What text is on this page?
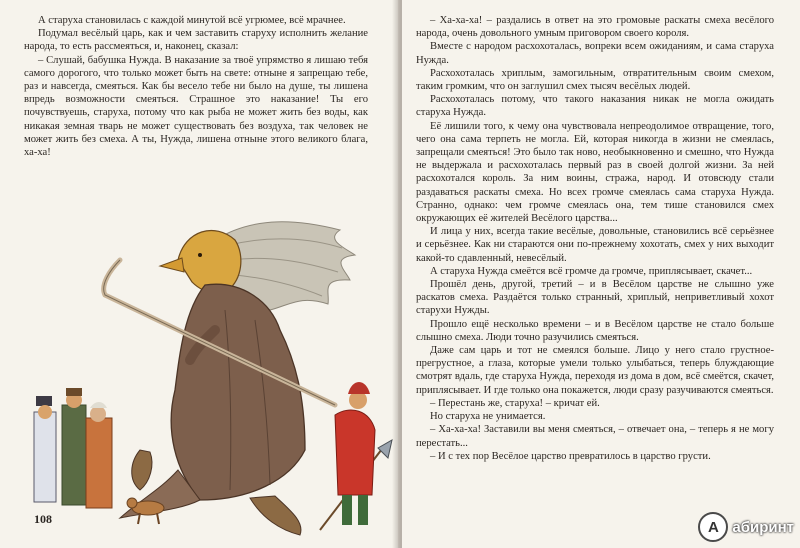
А старуха становилась с каждой минутой всё угрюмее, всё мрачнее.

Подумал весёлый царь, как и чем заставить старуху исполнить желание народа, то есть рассмеяться, и, наконец, сказал:

– Слушай, бабушка Нужда. В наказание за твоё упрямство я лишаю тебя самого дорогого, что только может быть на свете: отныне я запрещаю тебе, раз и навсегда, смеяться. Как бы весело тебе ни было на душе, ты лишена впредь возможности смеяться. Страшное это наказание! Ты его почувствуешь, старуха, потому что как рыба не может жить без воды, как никакая земная тварь не может существовать без воздуха, так человек не может жить без смеха. А ты, Нужда, лишена отныне этого великого блага, ха-ха!

108

– Ха-ха-ха! – раздались в ответ на это громовые раскаты смеха весёлого народа, очень довольного умным приговором своего короля.

Вместе с народом расхохоталась, вопреки всем ожиданиям, и сама старуха Нужда.

Расхохоталась хриплым, замогильным, отвратительным своим смехом, таким громким, что он заглушил смех тысяч весёлых людей.

Расхохоталась потому, что такого наказания никак не могла ожидать старуха Нужда.

Её лишили того, к чему она чувствовала непреодолимое отвращение, того, чего она сама терпеть не могла. Ей, которая никогда в жизни не смеялась, запрещали смеяться! Это было так ново, необыкновенно и смешно, что Нужда не выдержала и расхохоталась первый раз в своей долгой жизни. За ней расхохотался король. За ним воины, стража, народ. И отовсюду стали раздаваться раскаты смеха. Но всех громче смеялась сама старуха Нужда. Странно, однако: чем громче смеялась она, тем тише становился смех окружающих её жителей Весёлого царства...

И лица у них, всегда такие весёлые, довольные, становились всё серьёзнее и серьёзнее. Как ни стараются они по-прежнему хохотать, смех у них выходит какой-то сдавленный, невесёлый.

А старуха Нужда смеётся всё громче да громче, приплясывает, скачет...

Прошёл день, другой, третий – и в Весёлом царстве не слышно уже раскатов смеха. Раздаётся только странный, хриплый, неприветливый хохот старухи Нужды.

Прошло ещё несколько времени – и в Весёлом царстве не стало больше слышно смеха. Люди точно разучились смеяться.

Даже сам царь и тот не смеялся больше. Лицо у него стало грустное-прегрустное, а глаза, которые умели только улыбаться, теперь блуждающие смотрят вдаль, где старуха Нужда, переходя из дома в дом, всё смеётся, скачет, приплясывает. И где только она покажется, люди сразу разучиваются смеяться.

– Перестань же, старуха! – кричат ей.

Но старуха не унимается.

– Ха-ха-ха! Заставили вы меня смеяться, – отвечает она, – теперь я не могу перестать...

– И с тех пор Весёлое царство превратилось в царство грусти.

А абиринт
